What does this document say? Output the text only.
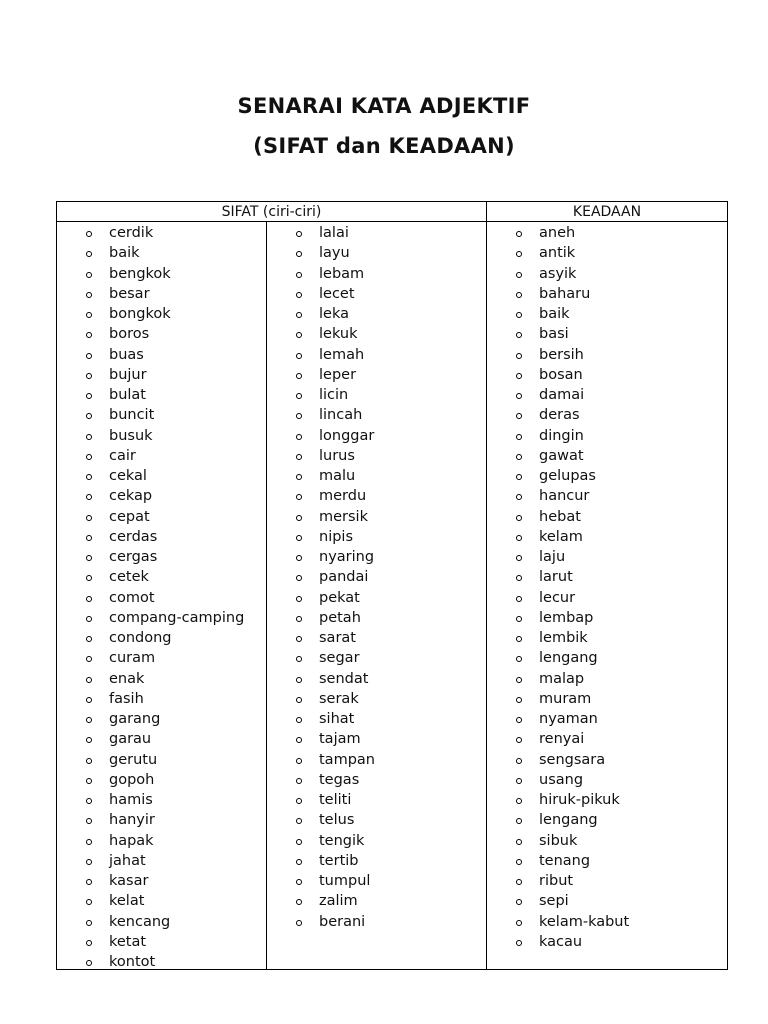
SENARAI KATA ADJEKTIF
(SIFAT dan KEADAAN)
SIFAT (ciri-ciri)	KEADAAN
cerdik
baik
bengkok
besar
bongkok
boros
buas
bujur
bulat
buncit
busuk
cair
cekal
cekap
cepat
cerdas
cergas
cetek
comot
compang-camping
condong
curam
enak
fasih
garang
garau
gerutu
gopoh
hamis
hanyir
hapak
jahat
kasar
kelat
kencang
ketat
kontot
lalai
layu
lebam
lecet
leka
lekuk
lemah
leper
licin
lincah
longgar
lurus
malu
merdu
mersik
nipis
nyaring
pandai
pekat
petah
sarat
segar
sendat
serak
sihat
tajam
tampan
tegas
teliti
telus
tengik
tertib
tumpul
zalim
berani
aneh
antik
asyik
baharu
baik
basi
bersih
bosan
damai
deras
dingin
gawat
gelupas
hancur
hebat
kelam
laju
larut
lecur
lembap
lembik
lengang
malap
muram
nyaman
renyai
sengsara
usang
hiruk-pikuk
lengang
sibuk
tenang
ribut
sepi
kelam-kabut
kacau
